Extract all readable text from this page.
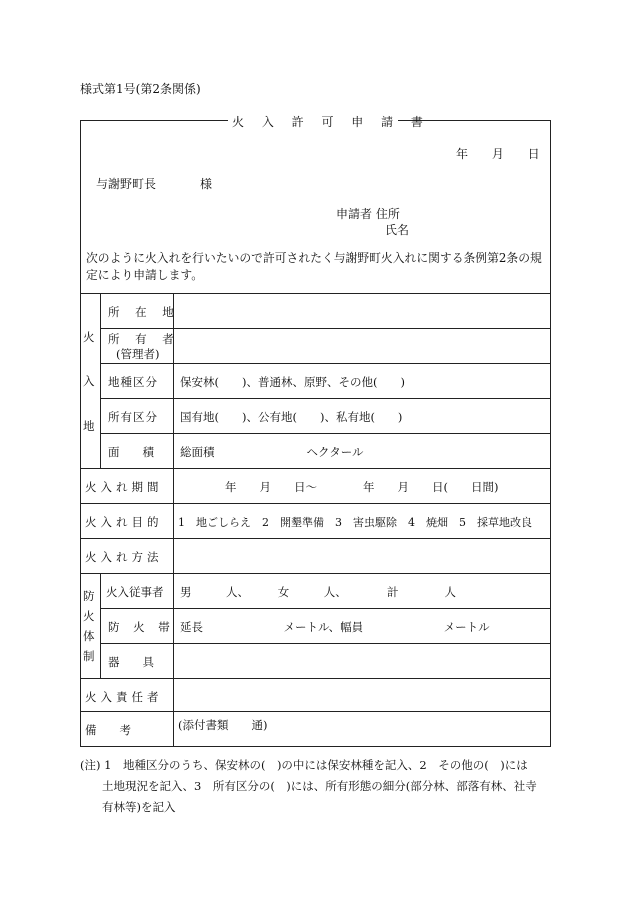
様式第1号(第2条関係)
火 入 許 可 申 請 書
年 月 日
与謝野町長	様
申請者 住所
氏名
次のように火入れを行いたいので許可されたく与謝野町火入れに関する条例第2条の規定により申請します。
火
入
地
所 在 地
所 有 者
(管理者)
地種区分 保安林(　　)、普通林、原野、その他(　　)
所有区分 国有地(　　)、公有地(　　)、私有地(　　)
面　　積 総面積　　　　　　　　ヘクタール
火入れ期間	年　　月　　日〜　　　　年　　月　　日(　　日間)
火入れ目的 1　地ごしらえ　2　開墾準備　3　害虫駆除　4　焼畑　5　採草地改良
火入れ方法
防
火
体
制
火入従事者 男　　　人、　　　女　　　人、　　　　計　　　　人
防 火 帯 延長　　　　　　　メートル、幅員　　　　　　　メートル
器　　具
火入責任者
備　　考	(添付書類　　通)
(注) 1　地種区分のうち、保安林の(　)の中には保安林種を記入、2　その他の(　)には
土地現況を記入、3　所有区分の(　)には、所有形態の細分(部分林、部落有林、社寺
有林等)を記入
